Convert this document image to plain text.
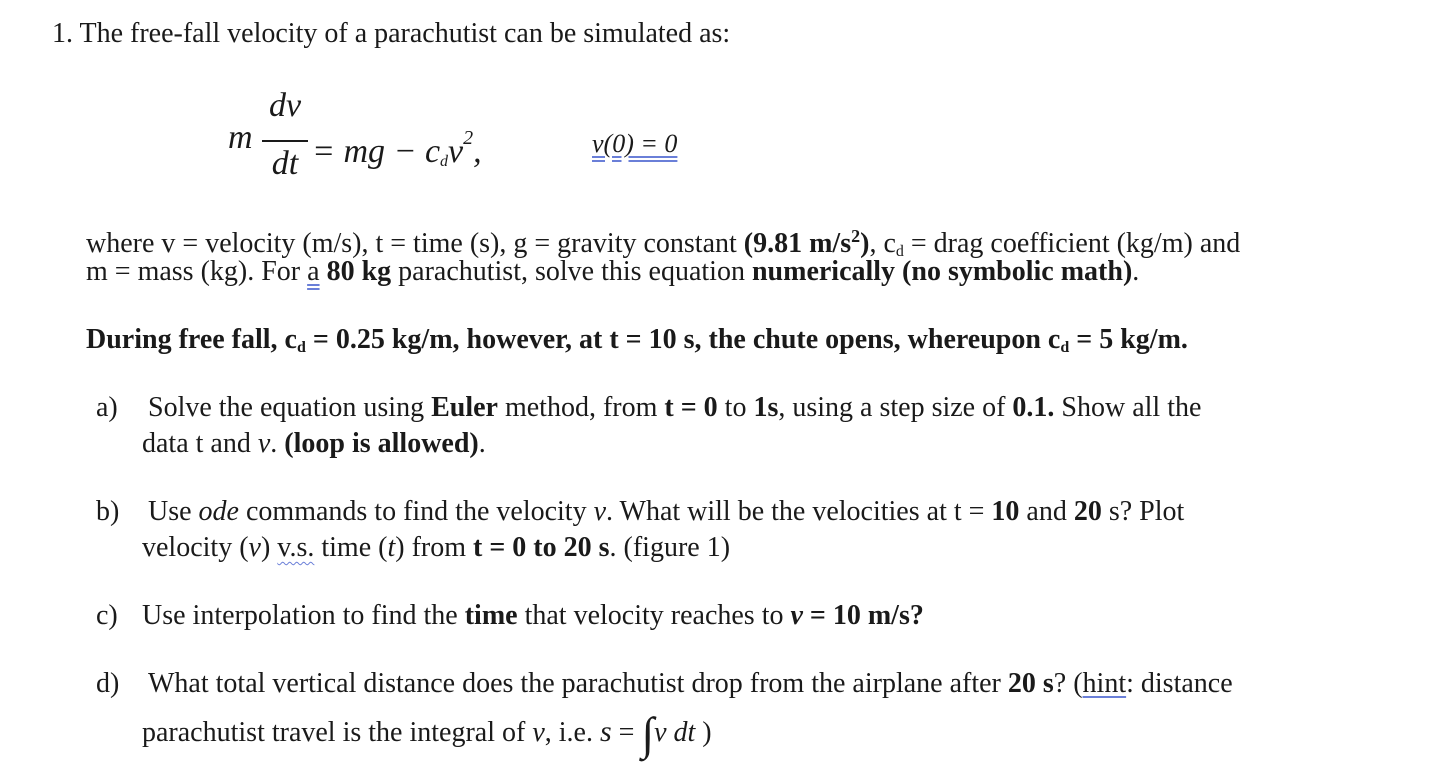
1. The free-fall velocity of a parachutist can be simulated as:
m
dv
dt = mg − $c_dv^2$,	v(0) = 0
where v = velocity (m/s), t = time (s), g = gravity constant (9.81 $m/s^2$), $c_d$ = drag coefficient (kg/m) and
m = mass (kg). For a 80 kg parachutist, solve this equation numerically (no symbolic math).
During free fall, $c_d = 0.25$ kg/m, however, at t = 10 s, the chute opens, whereupon $c_d = 5$ kg/m.
a) Solve the equation using Euler method, from t = 0 to 1s, using a step size of 0.1. Show all the
data t and v. (loop is allowed).
b) Use ode commands to find the velocity v. What will be the velocities at t = 10 and 20 s? Plot
velocity (v) v.s. time (t) from t = 0 to 20 s. (figure 1)
c) Use interpolation to find the time that velocity reaches to v = 10 m/s?
d) What total vertical distance does the parachutist drop from the airplane after 20 s? (hint: distance
parachutist travel is the integral of v, i.e. s = ∫v dt )
